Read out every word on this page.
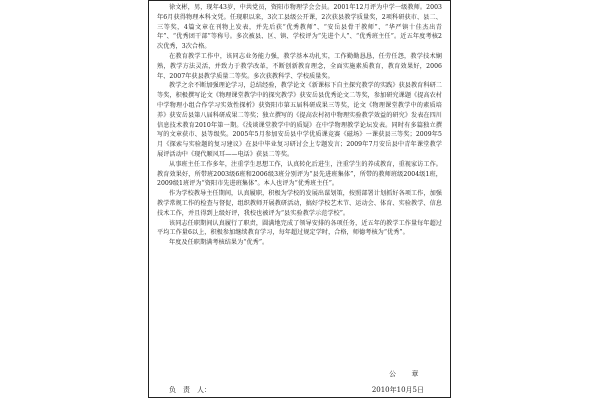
徐文彬，男，现年43岁，中共党员，资阳市物理学会会员。2001年12月评为中学一级教师。2003年6月获得物理本科文凭。任现职以来，3次工县级公开课，2次获县教学质量奖，2项科研获市、县二、三等奖，4篇文章在刊物上发表，并先后获“优秀教师”、“安岳县骨干教师”、“华严镇十佳杰出青年”、“优秀团干部”等称号。多次被县、区、镇、学校评为“先进个人”、“优秀班主任”。近五年度考核2次优秀，3次合格。

在教育教学工作中，该同志业务能力强，教学基本功扎实，工作勤勤恳恳，任劳任怨，教学技术娴熟，教学方法灵活，并致力于教学改革，不断创新教育理念，全面实施素质教育，教育效果好，2006年、2007年获县教学质量二等奖。多次获教科学、学校质量奖。

教学之余不断加强理论学习，总结经验，教学论文《新课标下自主探究教学的实践》获县教育科研二等奖，积极撰写论文《物理课堂教学中的探究教学》获安岳县优秀论文二等奖，参加研究课题《提高农村中学物理小组合作学习实效性探析》获资阳市第五届科研成果三等奖，论文《物理课堂教学中的素质培养》获安岳县第八届科研成果二等奖；独立撰写的《提高农村初中物理实验教学效益的研究》发表在四川信息技术教育2010年第一期。《浅谈课堂教学中的质疑》在中学物理教学论坛发表。同时有多篇独立撰写的文章获市、县等级奖。2005年5月参加安岳县中学优质课竞赛《磁场》一课获县三等奖；2009年5月《探索与实验题的复习建议》在县中毕业复习研讨会上专题发言；2009年7月安岳县中青年课堂教学展评活动中《现代顺风耳——电话》获县二等奖。

从事班主任工作多年，注重学生思想工作，认真转化后进生，注重学生的养成教育，重视家访工作。教育效果好，所带班2003级6班和2006级3班分别评为“县先进班集体”，所带的教师班级2004级1班，2009级1班评为“资阳市先进班集体”。本人也评为“优秀班主任”。

作为学校教导主任期间，认真履职，积极为学校的发展出谋划策，按照部署计划抓好各项工作，加强教学常规工作的检查与督促，组织教师开展教研活动，搞好学校艺术节、运动会、体育、实验教学、信息技术工作，并且得到上级好评，我校也被评为“县实验教学示范学校”。

该同志任职期间认真履行了职责，圆满地完成了领导安排的各项任务，近五年的教学工作量每年超过平均工作量6以上，积极参加继续教育学习，每年超过规定学时，合格，师德考核为“优秀”。

年度及任职期满考核结果为“优秀”。

公　　章
负　责　人：	2010年10月5日
